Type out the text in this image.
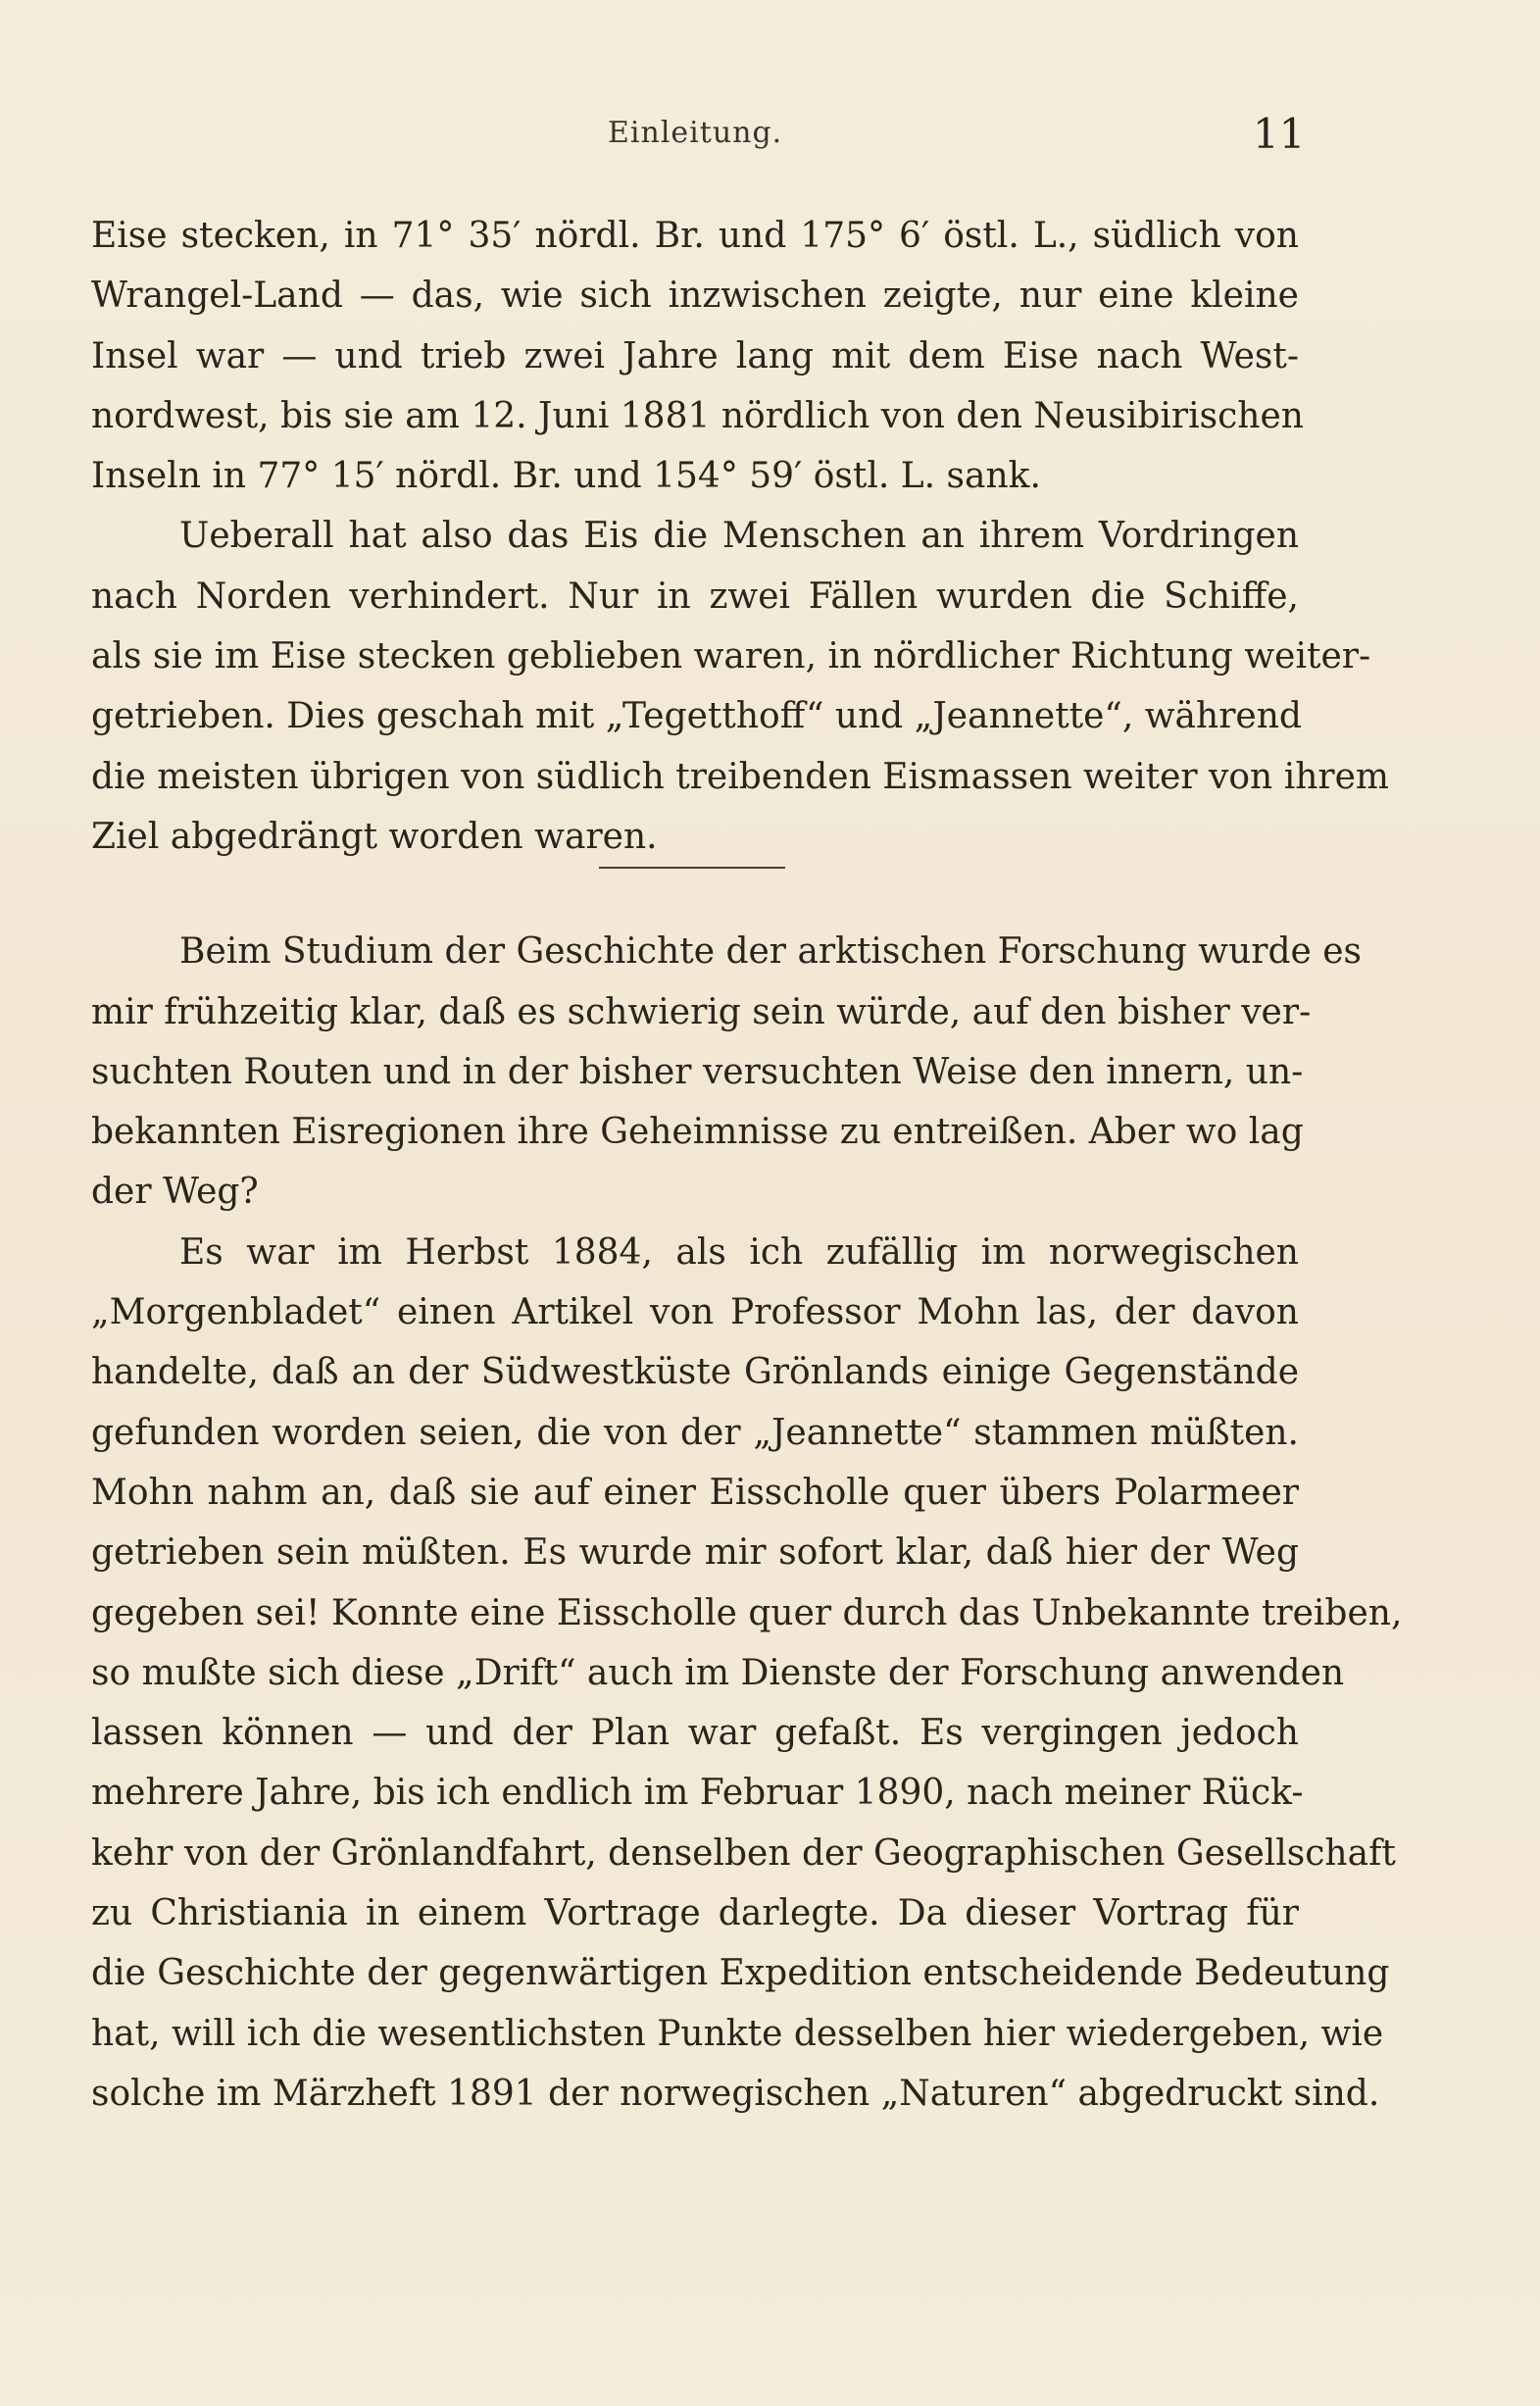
Einleitung.	11
Eise stecken, in 71° 35′ nördl. Br. und 175° 6′ östl. L., südlich von
Wrangel-Land — das, wie sich inzwischen zeigte, nur eine kleine
Insel war — und trieb zwei Jahre lang mit dem Eise nach West-
nordwest, bis sie am 12. Juni 1881 nördlich von den Neusibirischen
Inseln in 77° 15′ nördl. Br. und 154° 59′ östl. L. sank.
Ueberall hat also das Eis die Menschen an ihrem Vordringen
nach Norden verhindert. Nur in zwei Fällen wurden die Schiffe,
als sie im Eise stecken geblieben waren, in nördlicher Richtung weiter-
getrieben. Dies geschah mit „Tegetthoff“ und „Jeannette“, während
die meisten übrigen von südlich treibenden Eismassen weiter von ihrem
Ziel abgedrängt worden waren.
Beim Studium der Geschichte der arktischen Forschung wurde es
mir frühzeitig klar, daß es schwierig sein würde, auf den bisher ver-
suchten Routen und in der bisher versuchten Weise den innern, un-
bekannten Eisregionen ihre Geheimnisse zu entreißen. Aber wo lag
der Weg?
Es war im Herbst 1884, als ich zufällig im norwegischen
„Morgenbladet“ einen Artikel von Professor Mohn las, der davon
handelte, daß an der Südwestküste Grönlands einige Gegenstände
gefunden worden seien, die von der „Jeannette“ stammen müßten.
Mohn nahm an, daß sie auf einer Eisscholle quer übers Polarmeer
getrieben sein müßten. Es wurde mir sofort klar, daß hier der Weg
gegeben sei! Konnte eine Eisscholle quer durch das Unbekannte treiben,
so mußte sich diese „Drift“ auch im Dienste der Forschung anwenden
lassen können — und der Plan war gefaßt. Es vergingen jedoch
mehrere Jahre, bis ich endlich im Februar 1890, nach meiner Rück-
kehr von der Grönlandfahrt, denselben der Geographischen Gesellschaft
zu Christiania in einem Vortrage darlegte. Da dieser Vortrag für
die Geschichte der gegenwärtigen Expedition entscheidende Bedeutung
hat, will ich die wesentlichsten Punkte desselben hier wiedergeben, wie
solche im Märzheft 1891 der norwegischen „Naturen“ abgedruckt sind.
